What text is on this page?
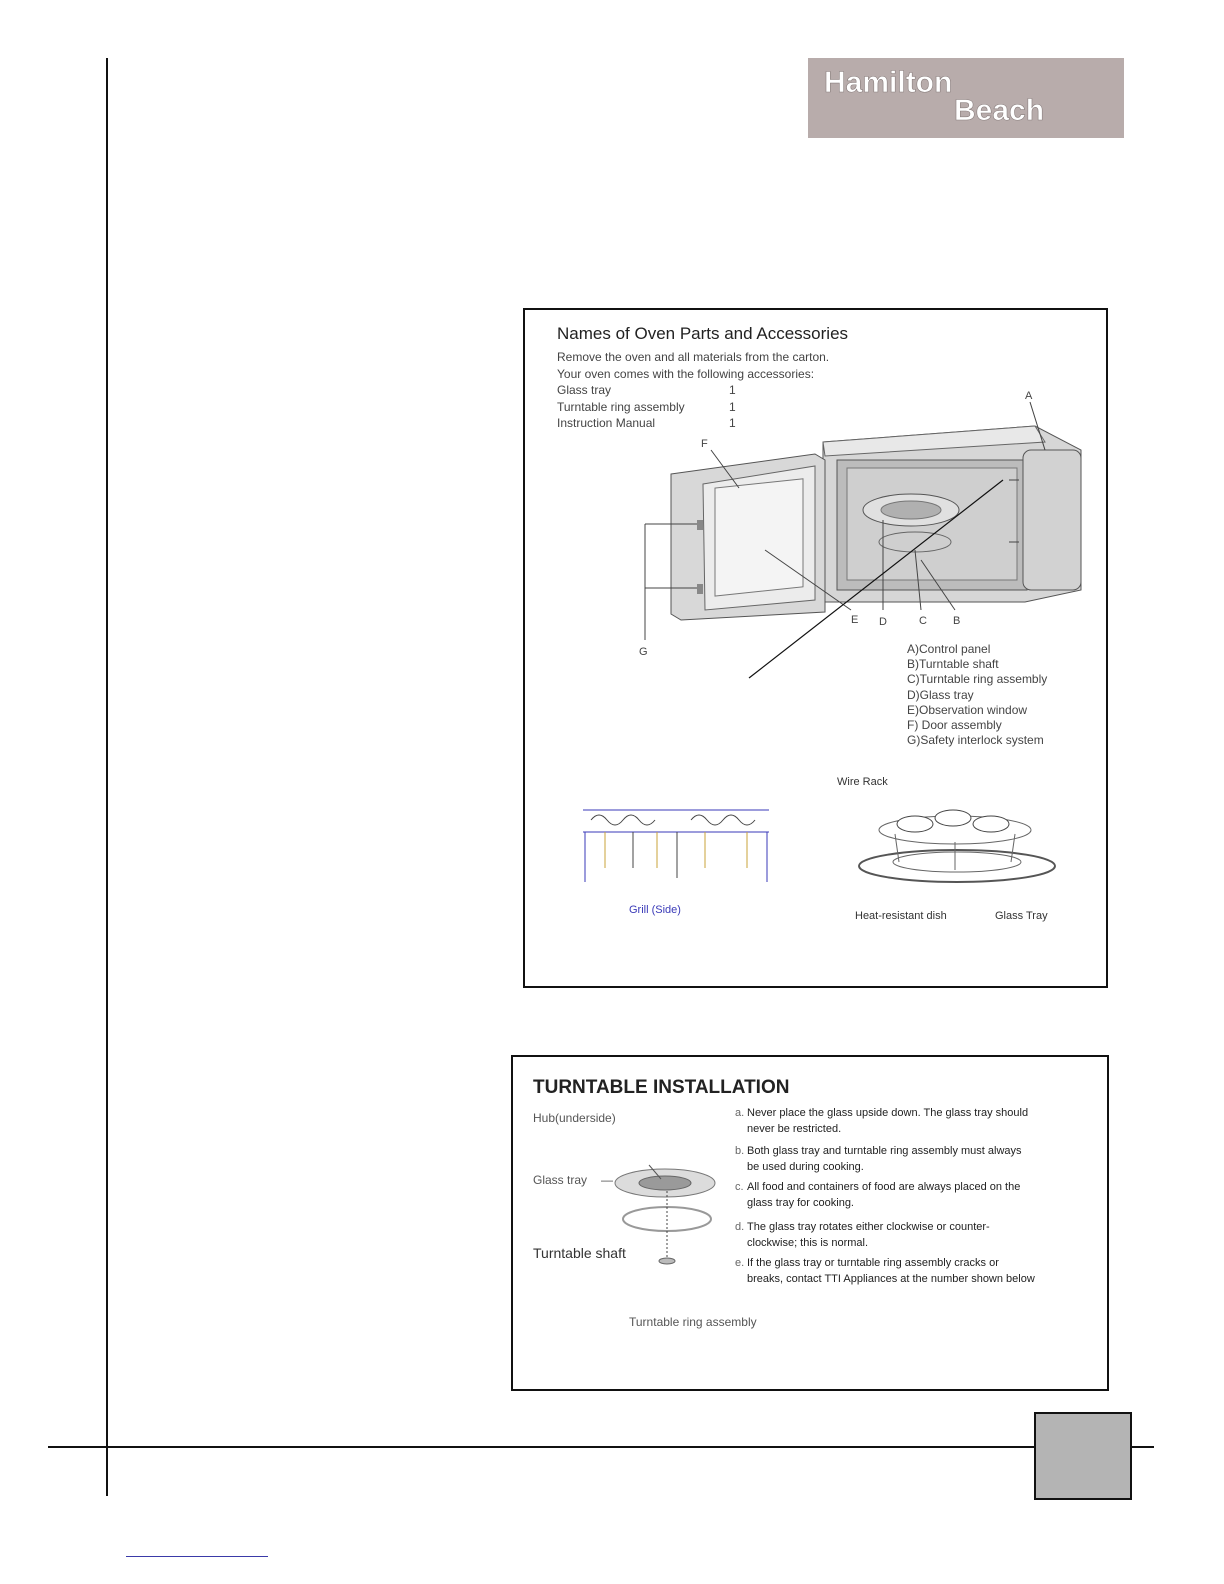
Hamilton
Beach
Names of Oven Parts and Accessories
Remove the oven and all materials from the carton.
Your oven comes with the following accessories:
Glass tray	1
Turntable ring assembly	1
Instruction Manual	1
A
F
E D	C B
G	A)Control panel
B)Turntable shaft
C)Turntable ring assembly
D)Glass tray
E)Observation window
F) Door assembly
G)Safety interlock system
Grill (Side)
Wire Rack
Heat-resistant dish	Glass Tray
TURNTABLE INSTALLATION
Hub(underside)
Glass tray —
Turntable shaft
Turntable ring assembly
a. Never place the glass upside down. The glass tray should never be restricted.
b. Both glass tray and turntable ring assembly must always be used during cooking.
c. All food and containers of food are always placed on the glass tray for cooking.
d. The glass tray rotates either clockwise or counter-clockwise; this is normal.
e. If the glass tray or turntable ring assembly cracks or breaks, contact TTI Appliances at the number shown below
